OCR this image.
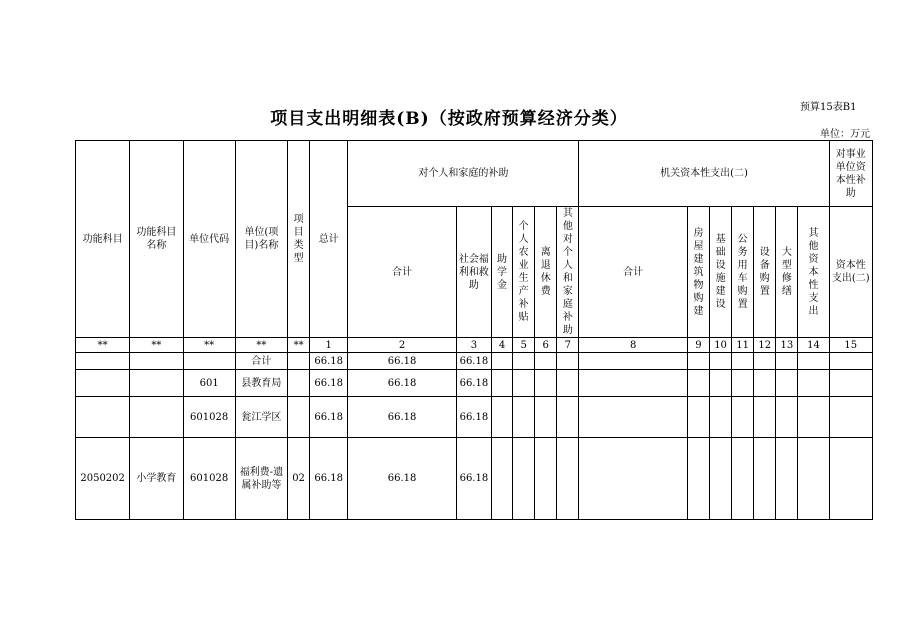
预算15表B1
项目支出明细表(B)（按政府预算经济分类）
单位：万元
功能科目	功能科目名称	单位代码	单位(项目)名称	项目类型	总计	对个人和家庭的补助						机关资本性支出(二)							对事业单位资本性补助
						合计	社会福利和救助	助学金	个人农业生产补贴	离退休费	其他对个人和家庭补助	合计	房屋建筑物购建	基础设施建设	公务用车购置	设备购置	大型修缮	其他资本性支出	资本性支出(二)
**	**	**	**	**	1	2	3	4	5	6	7	8	9	10	11	12	13	14	15
			合计		66.18	66.18	66.18												
		601	县教育局		66.18	66.18	66.18												
		601028	瓮江学区		66.18	66.18	66.18												
2050202	小学教育	601028	福利费-遗属补助等	02	66.18	66.18	66.18												
